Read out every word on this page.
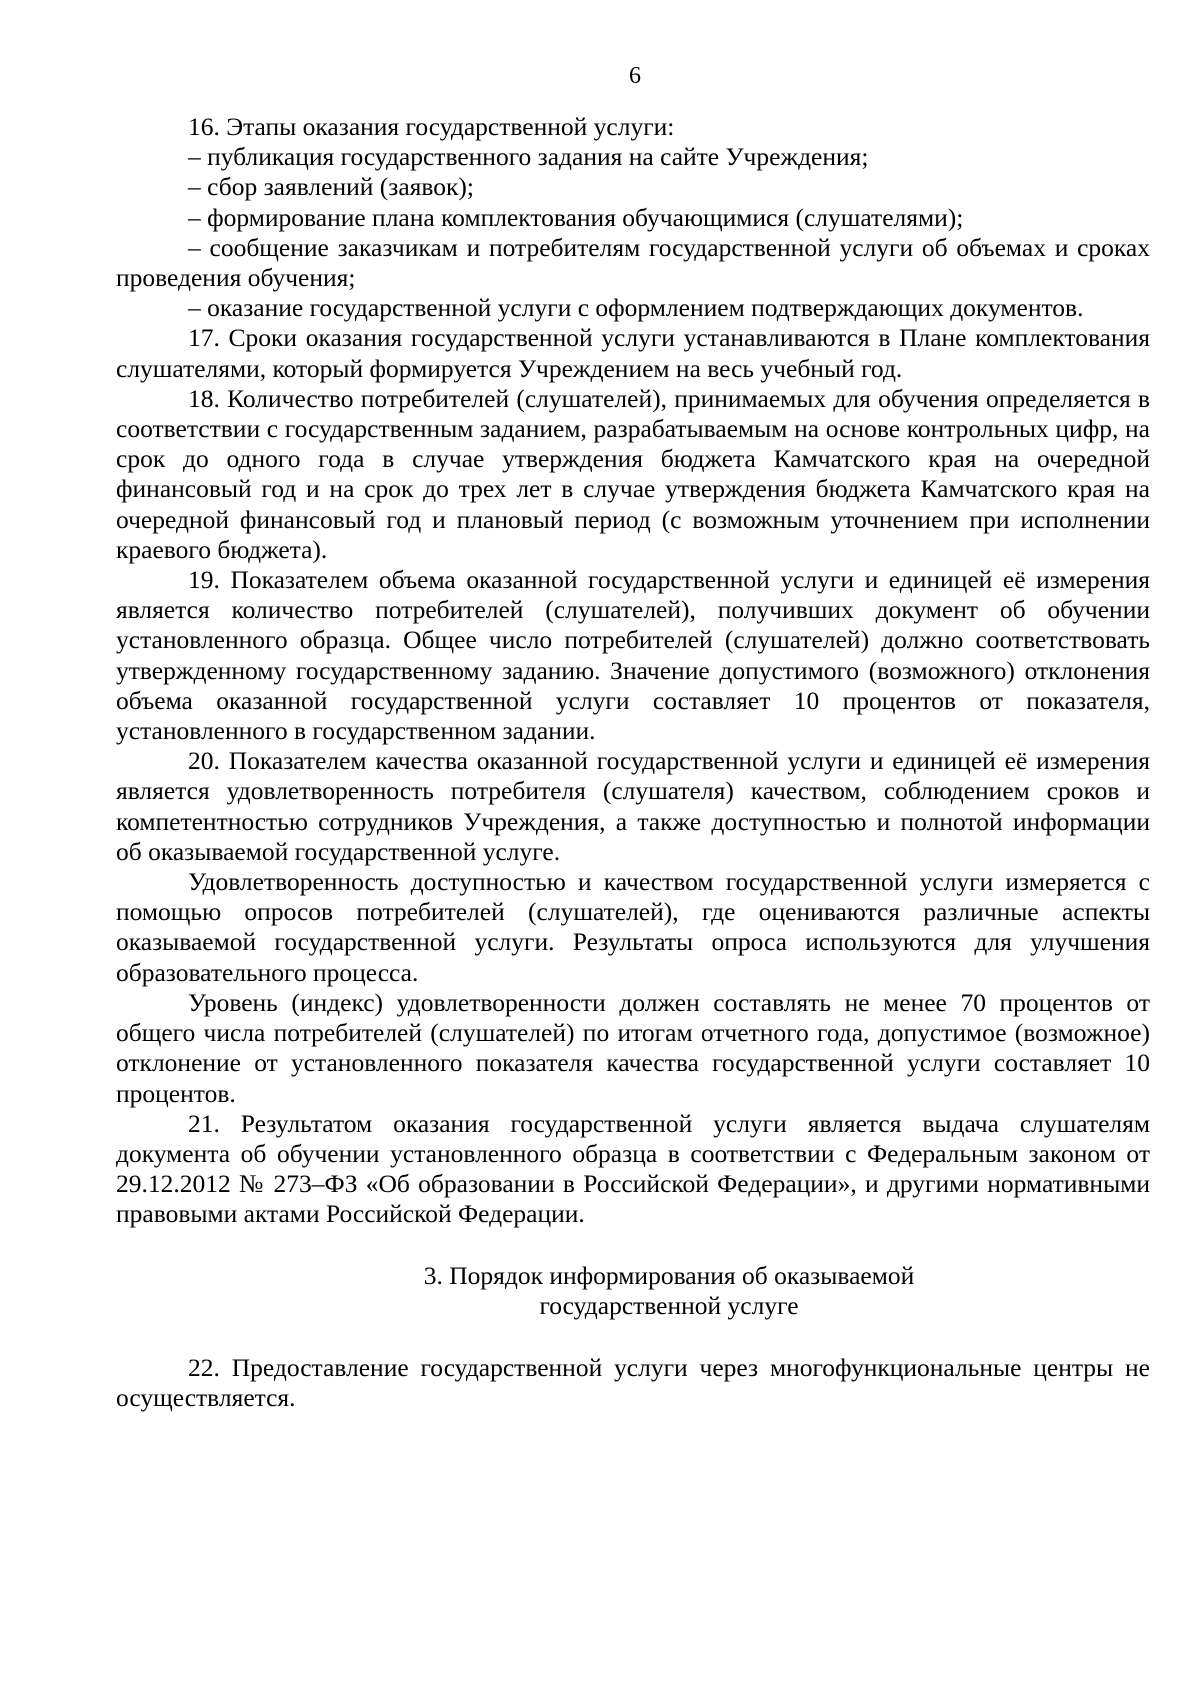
6

16. Этапы оказания государственной услуги:

– публикация государственного задания на сайте Учреждения;

– сбор заявлений (заявок);

– формирование плана комплектования обучающимися (слушателями);

– сообщение заказчикам и потребителям государственной услуги об объемах и сроках проведения обучения;

– оказание государственной услуги с оформлением подтверждающих документов.

17. Сроки оказания государственной услуги устанавливаются в Плане комплектования слушателями, который формируется Учреждением на весь учебный год.

18. Количество потребителей (слушателей), принимаемых для обучения определяется в соответствии с государственным заданием, разрабатываемым на основе контрольных цифр, на срок до одного года в случае утверждения бюджета Камчатского края на очередной финансовый год и на срок до трех лет в случае утверждения бюджета Камчатского края на очередной финансовый год и плановый период (с возможным уточнением при исполнении краевого бюджета).

19. Показателем объема оказанной государственной услуги и единицей её измерения является количество потребителей (слушателей), получивших документ об обучении установленного образца. Общее число потребителей (слушателей) должно соответствовать утвержденному государственному заданию. Значение допустимого (возможного) отклонения объема оказанной государственной услуги составляет 10 процентов от показателя, установленного в государственном задании.

20. Показателем качества оказанной государственной услуги и единицей её измерения является удовлетворенность потребителя (слушателя) качеством, соблюдением сроков и компетентностью сотрудников Учреждения, а также доступностью и полнотой информации об оказываемой государственной услуге.

Удовлетворенность доступностью и качеством государственной услуги измеряется с помощью опросов потребителей (слушателей), где оцениваются различные аспекты оказываемой государственной услуги. Результаты опроса используются для улучшения образовательного процесса.

Уровень (индекс) удовлетворенности должен составлять не менее 70 процентов от общего числа потребителей (слушателей) по итогам отчетного года, допустимое (возможное) отклонение от установленного показателя качества государственной услуги составляет 10 процентов.

21. Результатом оказания государственной услуги является выдача слушателям документа об обучении установленного образца в соответствии с Федеральным законом от 29.12.2012 № 273–ФЗ «Об образовании в Российской Федерации», и другими нормативными правовыми актами Российской Федерации.

3. Порядок информирования об оказываемой
государственной услуге

22. Предоставление государственной услуги через многофункциональные центры не осуществляется.
